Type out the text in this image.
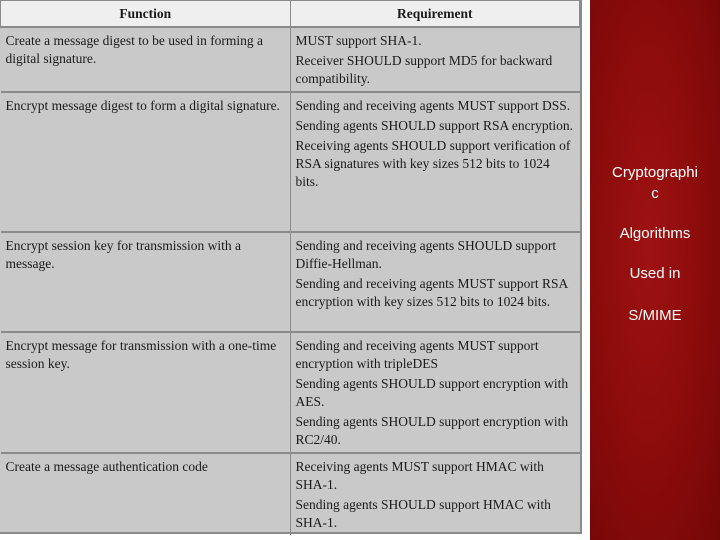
Function	Requirement
Create a message digest to be used in forming a digital signature.	MUST support SHA-1.

Receiver SHOULD support MD5 for backward compatibility.

Encrypt message digest to form a digital signature.	Sending and receiving agents MUST support DSS.

Sending agents SHOULD support RSA encryption.

Receiving agents SHOULD support verification of RSA signatures with key sizes 512 bits to 1024 bits.

Encrypt session key for transmission with a message.	Sending and receiving agents SHOULD support Diffie-Hellman.

Sending and receiving agents MUST support RSA encryption with key sizes 512 bits to 1024 bits.

Encrypt message for transmission with a one-time session key.	Sending and receiving agents MUST support encryption with tripleDES

Sending agents SHOULD support encryption with AES.

Sending agents SHOULD support encryption with RC2/40.

Create a message authentication code	Receiving agents MUST support HMAC with SHA-1.

Sending agents SHOULD support HMAC with SHA-1.

Cryptographi
c
Algorithms
Used in
S/MIME
